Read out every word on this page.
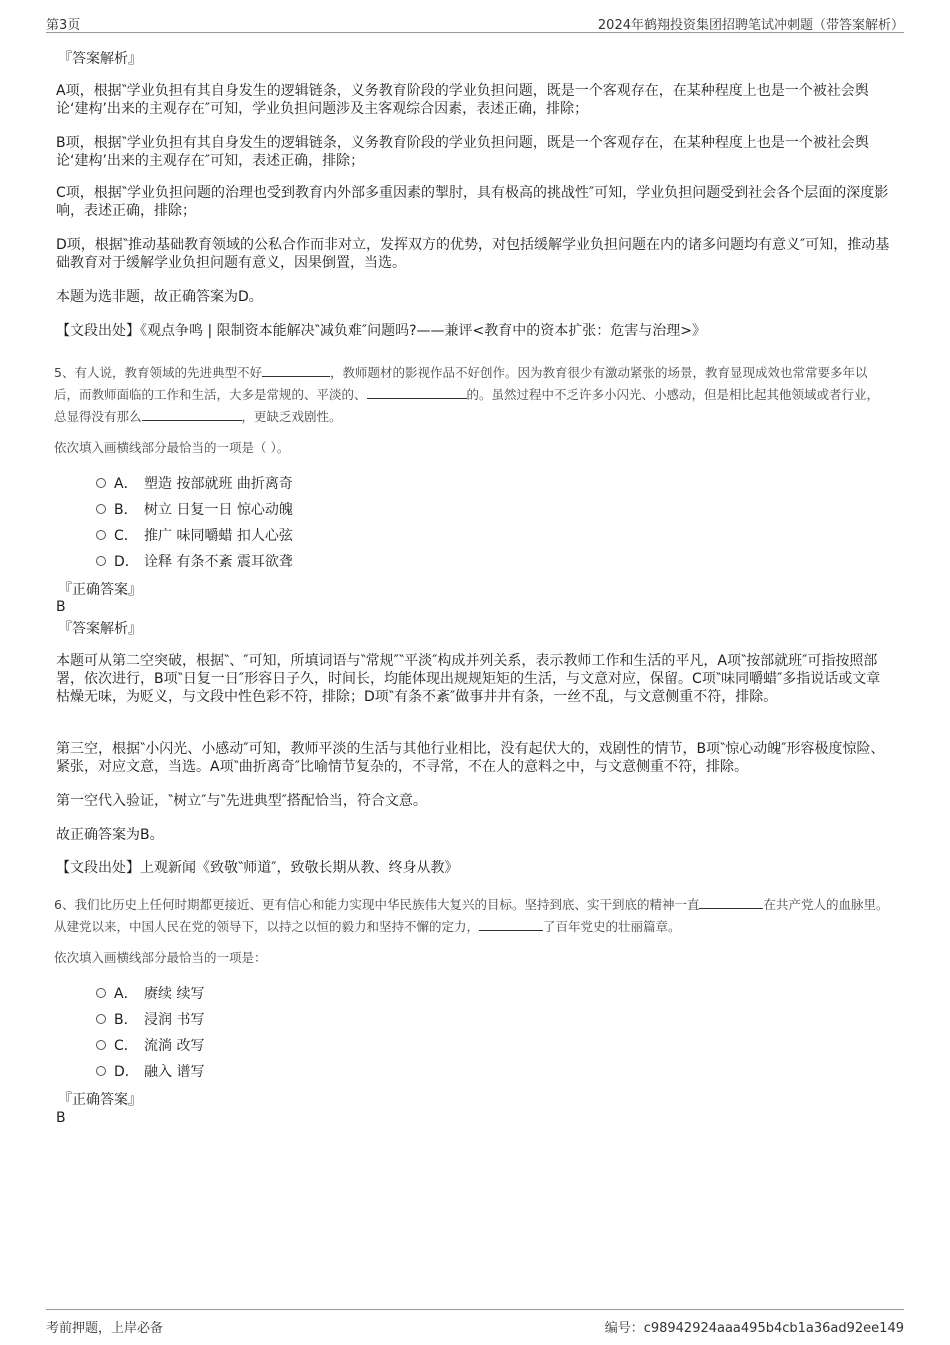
第3页	2024年鹤翔投资集团招聘笔试冲刺题（带答案解析）
『答案解析』
A项，根据‶学业负担有其自身发生的逻辑链条，义务教育阶段的学业负担问题，既是一个客观存在，在某种程度上也是一个被社会舆论‘建构’出来的主观存在″可知，学业负担问题涉及主客观综合因素，表述正确，排除；
B项，根据‶学业负担有其自身发生的逻辑链条，义务教育阶段的学业负担问题，既是一个客观存在，在某种程度上也是一个被社会舆论‘建构’出来的主观存在″可知，表述正确，排除；
C项，根据‶学业负担问题的治理也受到教育内外部多重因素的掣肘，具有极高的挑战性″可知，学业负担问题受到社会各个层面的深度影响，表述正确，排除；
D项，根据‶推动基础教育领域的公私合作而非对立，发挥双方的优势，对包括缓解学业负担问题在内的诸多问题均有意义″可知，推动基础教育对于缓解学业负担问题有意义，因果倒置，当选。
本题为选非题，故正确答案为D。
【文段出处】《观点争鸣 | 限制资本能解决‶减负难″问题吗?——兼评<教育中的资本扩张：危害与治理>》
5、有人说，教育领域的先进典型不好	，教师题材的影视作品不好创作。因为教育很少有激动紧张的场景，教育显现成效也常常要多年以后，而教师面临的工作和生活，大多是常规的、平淡的、	的。虽然过程中不乏许多小闪光、小感动，但是相比起其他领域或者行业，总显得没有那么	，更缺乏戏剧性。
依次填入画横线部分最恰当的一项是（ ）。
A． 塑造 按部就班 曲折离奇
B． 树立 日复一日 惊心动魄
C． 推广 味同嚼蜡 扣人心弦
D． 诠释 有条不紊 震耳欲聋
『正确答案』
B
『答案解析』
本题可从第二空突破，根据‶、″可知，所填词语与‶常规″‶平淡″构成并列关系，表示教师工作和生活的平凡，A项‶按部就班″可指按照部署，依次进行，B项‶日复一日″形容日子久，时间长，均能体现出规规矩矩的生活，与文意对应，保留。C项‶味同嚼蜡″多指说话或文章枯燥无味，为贬义，与文段中性色彩不符，排除；D项‶有条不紊″做事井井有条，一丝不乱，与文意侧重不符，排除。
第三空，根据‶小闪光、小感动″可知，教师平淡的生活与其他行业相比，没有起伏大的，戏剧性的情节，B项‶惊心动魄″形容极度惊险、紧张，对应文意，当选。A项‶曲折离奇″比喻情节复杂的，不寻常，不在人的意料之中，与文意侧重不符，排除。
第一空代入验证，‶树立″与‶先进典型″搭配恰当，符合文意。
故正确答案为B。
【文段出处】上观新闻《致敬‶师道″，致敬长期从教、终身从教》
6、我们比历史上任何时期都更接近、更有信心和能力实现中华民族伟大复兴的目标。坚持到底、实干到底的精神一直	在共产党人的血脉里。从建党以来，中国人民在党的领导下，以持之以恒的毅力和坚持不懈的定力，	了百年党史的壮丽篇章。
依次填入画横线部分最恰当的一项是：
A． 赓续 续写
B． 浸润 书写
C． 流淌 改写
D． 融入 谱写
『正确答案』
B
考前押题，上岸必备	编号：c98942924aaa495b4cb1a36ad92ee149
